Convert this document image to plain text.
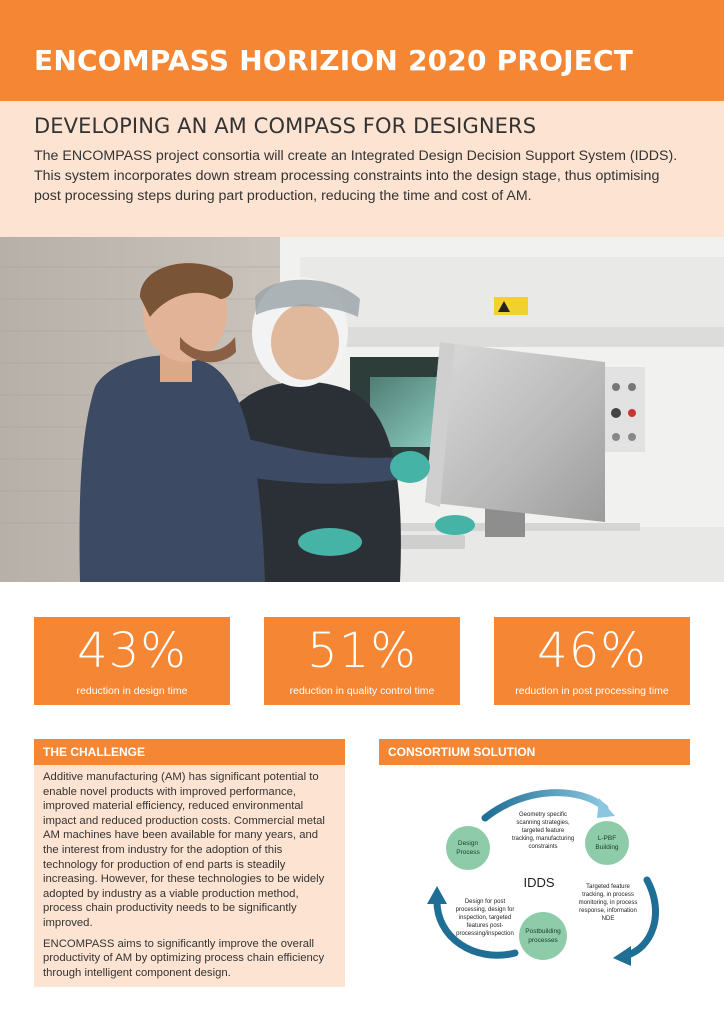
ENCOMPASS HORIZION 2020 PROJECT
DEVELOPING AN AM COMPASS FOR DESIGNERS

The ENCOMPASS project consortia will create an Integrated Design Decision Support System (IDDS). This system incorporates down stream processing constraints into the design stage, thus optimising post processing steps during part production, reducing the time and cost of AM.

43%
reduction in design time
51%
reduction in quality control time
46%
reduction in post processing time
THE CHALLENGE

Additive manufacturing (AM) has significant potential to enable novel products with improved performance, improved material efficiency, reduced environmental impact and reduced production costs. Commercial metal AM machines have been available for many years, and the interest from industry for the adoption of this technology for production of end parts is steadily increasing. However, for these technologies to be widely adopted by industry as a viable production method, process chain productivity needs to be significantly improved.

ENCOMPASS aims to significantly improve the overall productivity of AM by optimizing process chain efficiency through intelligent component design.

CONSORTIUM SOLUTION
Design
Process
L-PBF
Building
Postbuilding
processes
IDDS
Geometry specific
scanning strategies,
targeted feature
tracking, manufacturing
constraints
Targeted feature
tracking, in process
monitoring, in process
response, information
NDE
Design for post
processing, design for
inspection, targeted
features post-
processing/inspection
